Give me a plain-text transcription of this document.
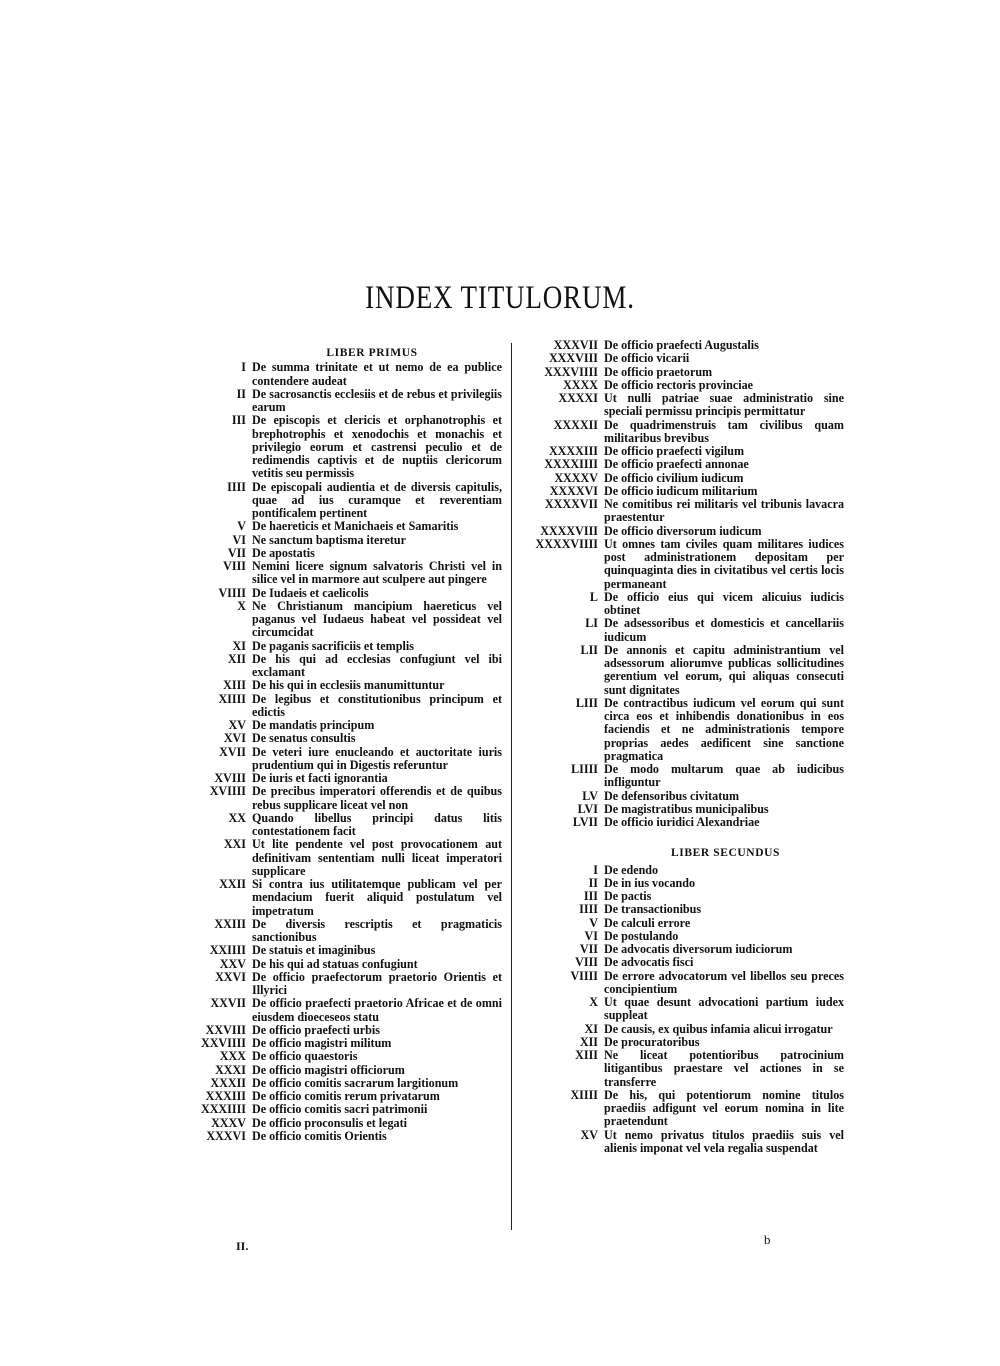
INDEX TITULORUM.
LIBER PRIMUS
I De summa trinitate et ut nemo de ea publice contendere audeat
II De sacrosanctis ecclesiis et de rebus et privilegiis earum
III De episcopis et clericis et orphanotrophis et brephotrophis et xenodochis et monachis et privilegio eorum et castrensi peculio et de redimendis captivis et de nuptiis clericorum vetitis seu permissis
IIII De episcopali audientia et de diversis capitulis, quae ad ius curamque et reverentiam pontificalem pertinent
V De haereticis et Manichaeis et Samaritis
VI Ne sanctum baptisma iteretur
VII De apostatis
VIII Nemini licere signum salvatoris Christi vel in silice vel in marmore aut sculpere aut pingere
VIIII De Iudaeis et caelicolis
X Ne Christianum mancipium haereticus vel paganus vel Iudaeus habeat vel possideat vel circumcidat
XI De paganis sacrificiis et templis
XII De his qui ad ecclesias confugiunt vel ibi exclamant
XIII De his qui in ecclesiis manumittuntur
XIIII De legibus et constitutionibus principum et edictis
XV De mandatis principum
XVI De senatus consultis
XVII De veteri iure enucleando et auctoritate iuris prudentium qui in Digestis referuntur
XVIII De iuris et facti ignorantia
XVIIII De precibus imperatori offerendis et de quibus rebus supplicare liceat vel non
XX Quando libellus principi datus litis contestationem facit
XXI Ut lite pendente vel post provocationem aut definitivam sententiam nulli liceat imperatori supplicare
XXII Si contra ius utilitatemque publicam vel per mendacium fuerit aliquid postulatum vel impetratum
XXIII De diversis rescriptis et pragmaticis sanctionibus
XXIIII De statuis et imaginibus
XXV De his qui ad statuas confugiunt
XXVI De officio praefectorum praetorio Orientis et Illyrici
XXVII De officio praefecti praetorio Africae et de omni eiusdem dioeceseos statu
XXVIII De officio praefecti urbis
XXVIIII De officio magistri militum
XXX De officio quaestoris
XXXI De officio magistri officiorum
XXXII De officio comitis sacrarum largitionum
XXXIII De officio comitis rerum privatarum
XXXIIII De officio comitis sacri patrimonii
XXXV De officio proconsulis et legati
XXXVI De officio comitis Orientis
XXXVII De officio praefecti Augustalis
XXXVIII De officio vicarii
XXXVIIII De officio praetorum
XXXX De officio rectoris provinciae
XXXXI Ut nulli patriae suae administratio sine speciali permissu principis permittatur
XXXXII De quadrimenstruis tam civilibus quam militaribus brevibus
XXXXIII De officio praefecti vigilum
XXXXIIII De officio praefecti annonae
XXXXV De officio civilium iudicum
XXXXVI De officio iudicum militarium
XXXXVII Ne comitibus rei militaris vel tribunis lavacra praestentur
XXXXVIII De officio diversorum iudicum
XXXXVIIII Ut omnes tam civiles quam militares iudices post administrationem depositam per quinquaginta dies in civitatibus vel certis locis permaneant
L De officio eius qui vicem alicuius iudicis obtinet
LI De adsessoribus et domesticis et cancellariis iudicum
LII De annonis et capitu administrantium vel adsessorum aliorumve publicas sollicitudines gerentium vel eorum, qui aliquas consecuti sunt dignitates
LIII De contractibus iudicum vel eorum qui sunt circa eos et inhibendis donationibus in eos faciendis et ne administrationis tempore proprias aedes aedificent sine sanctione pragmatica
LIIII De modo multarum quae ab iudicibus infliguntur
LV De defensoribus civitatum
LVI De magistratibus municipalibus
LVII De officio iuridici Alexandriae
LIBER SECUNDUS
I De edendo
II De in ius vocando
III De pactis
IIII De transactionibus
V De calculi errore
VI De postulando
VII De advocatis diversorum iudiciorum
VIII De advocatis fisci
VIIII De errore advocatorum vel libellos seu preces concipientium
X Ut quae desunt advocationi partium iudex suppleat
XI De causis, ex quibus infamia alicui irrogatur
XII De procuratoribus
XIII Ne liceat potentioribus patrocinium litigantibus praestare vel actiones in se transferre
XIIII De his, qui potentiorum nomine titulos praediis adfigunt vel eorum nomina in lite praetendunt
XV Ut nemo privatus titulos praediis suis vel alienis imponat vel vela regalia suspendat
II.	b
